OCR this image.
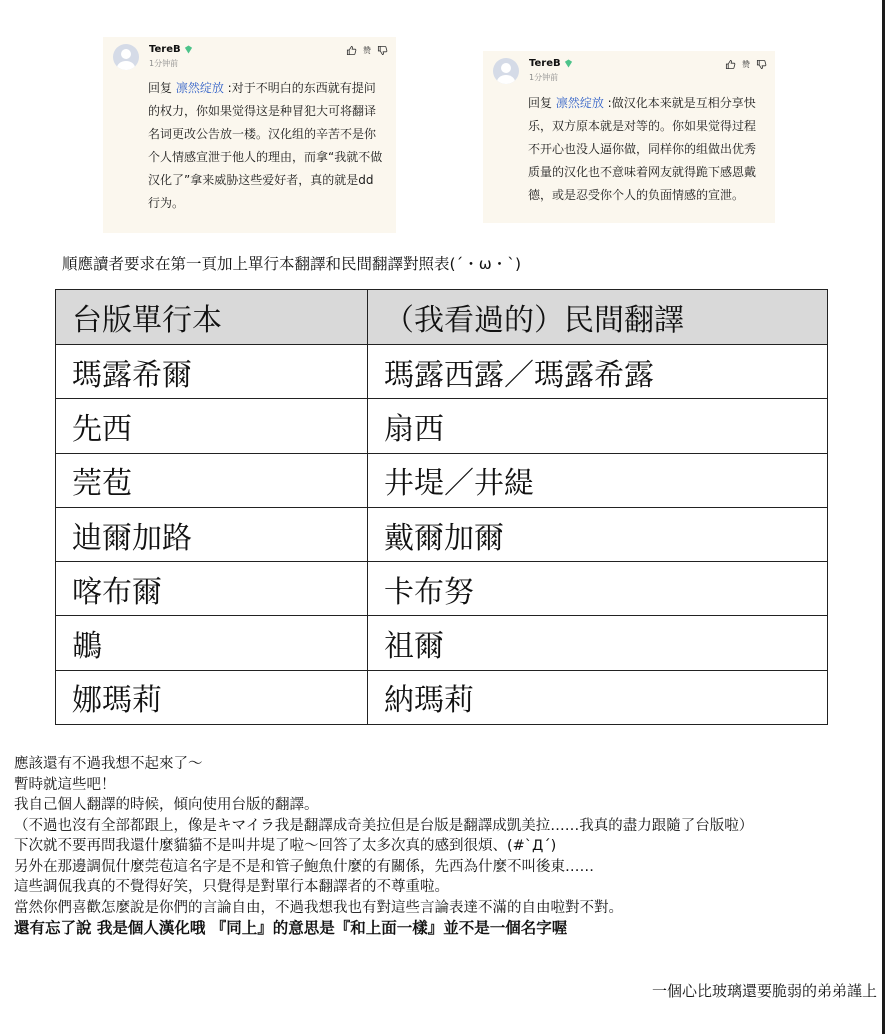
TereB
1分钟前
赞
回复 凛然绽放 :对于不明白的东西就有提问的权力，你如果觉得这是种冒犯大可将翻译名词更改公告放一楼。汉化组的辛苦不是你个人情感宣泄于他人的理由，而拿“我就不做汉化了”拿来威胁这些爱好者，真的就是dd行为。
TereB
1分钟前
赞
回复 凛然绽放 :做汉化本来就是互相分享快乐，双方原本就是对等的。你如果觉得过程不开心也没人逼你做，同样你的组做出优秀质量的汉化也不意味着网友就得跪下感恩戴德，或是忍受你个人的负面情感的宣泄。
順應讀者要求在第一頁加上單行本翻譯和民間翻譯對照表(´・ω・`)
台版單行本	（我看過的）民間翻譯
瑪露希爾	瑪露西露／瑪露希露
先西	扇西
莞苞	井堤／井緹
迪爾加路	戴爾加爾
喀布爾	卡布努
鶘	祖爾
娜瑪莉	納瑪莉
應該還有不過我想不起來了～
暫時就這些吧！
我自己個人翻譯的時候，傾向使用台版的翻譯。
（不過也沒有全部都跟上，像是キマイラ我是翻譯成奇美拉但是台版是翻譯成凱美拉……我真的盡力跟隨了台版啦）
下次就不要再問我還什麼貓貓不是叫井堤了啦～回答了太多次真的感到很煩、(#`Д´)
另外在那邊調侃什麼莞苞這名字是不是和管子鮑魚什麼的有關係，先西為什麼不叫後東……
這些調侃我真的不覺得好笑，只覺得是對單行本翻譯者的不尊重啦。
當然你們喜歡怎麼說是你們的言論自由，不過我想我也有對這些言論表達不滿的自由啦對不對。
還有忘了說 我是個人漢化哦 『同上』的意思是『和上面一樣』並不是一個名字喔
一個心比玻璃還要脆弱的弟弟謹上
